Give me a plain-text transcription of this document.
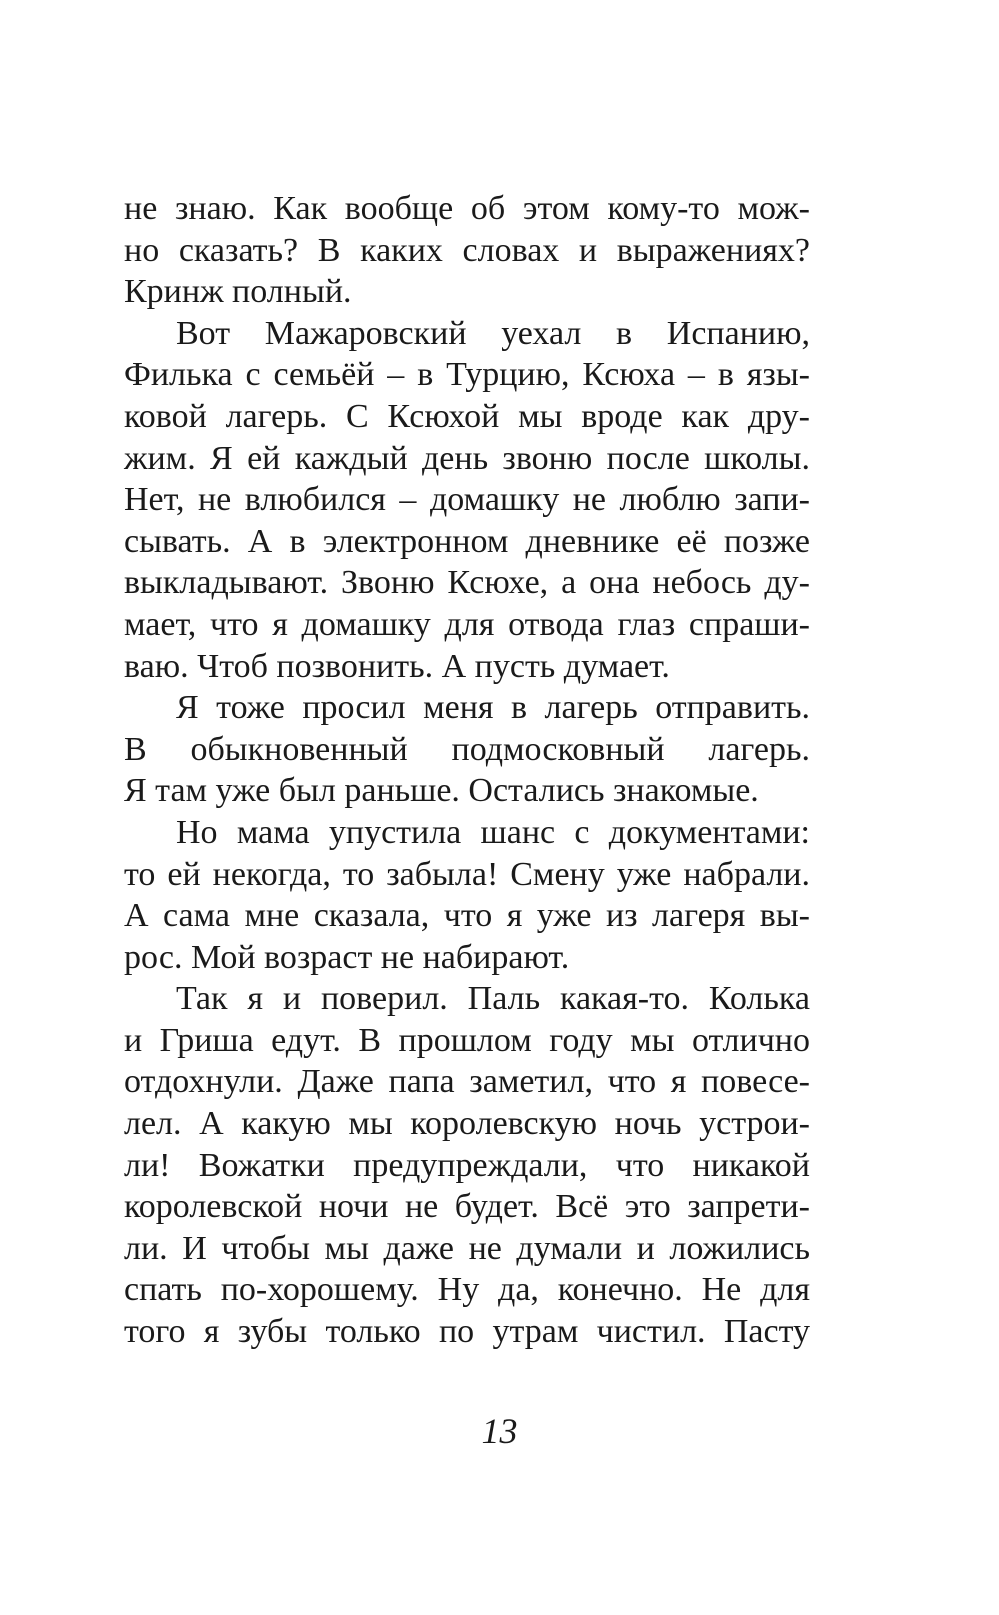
не знаю. Как вообще об этом кому-то мож-
но сказать? В каких словах и выражениях?
Кринж полный.
Вот Мажаровский уехал в Испанию,
Филька с семьёй – в Турцию, Ксюха – в язы-
ковой лагерь. С Ксюхой мы вроде как дру-
жим. Я ей каждый день звоню после школы.
Нет, не влюбился – домашку не люблю запи-
сывать. А в электронном дневнике её позже
выкладывают. Звоню Ксюхе, а она небось ду-
мает, что я домашку для отвода глаз спраши-
ваю. Чтоб позвонить. А пусть думает.
Я тоже просил меня в лагерь отправить.
В обыкновенный подмосковный лагерь.
Я там уже был раньше. Остались знакомые.
Но мама упустила шанс с документами:
то ей некогда, то забыла! Смену уже набрали.
А сама мне сказала, что я уже из лагеря вы-
рос. Мой возраст не набирают.
Так я и поверил. Паль какая-то. Колька
и Гриша едут. В прошлом году мы отлично
отдохнули. Даже папа заметил, что я повесе-
лел. А какую мы королевскую ночь устрои-
ли! Вожатки предупреждали, что никакой
королевской ночи не будет. Всё это запрети-
ли. И чтобы мы даже не думали и ложились
спать по-хорошему. Ну да, конечно. Не для
того я зубы только по утрам чистил. Пасту
13
